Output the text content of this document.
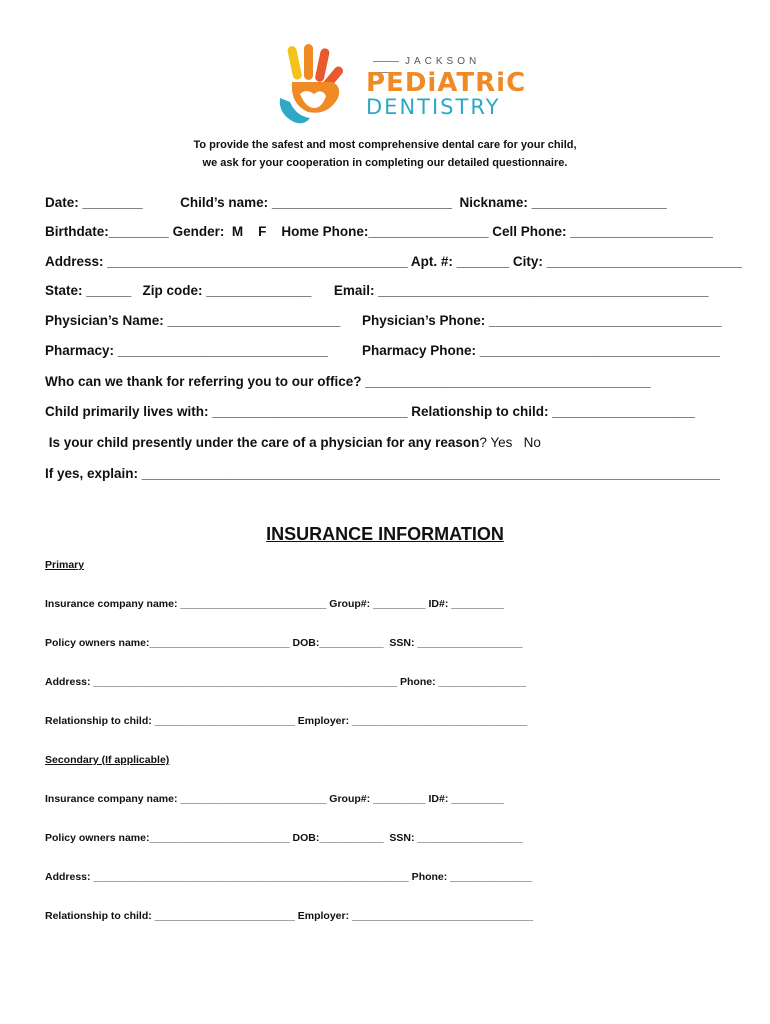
JACKSON
PEDiATRiC
DENTISTRY
To provide the safest and most comprehensive dental care for your child,
we ask for your cooperation in completing our detailed questionnaire.
Date: ________          Child’s name: ________________________  Nickname: __________________
Birthdate:________ Gender:  M    F    Home Phone:________________ Cell Phone: ___________________
Address: ________________________________________ Apt. #: _______ City: __________________________
State: ______   Zip code: ______________      Email: ____________________________________________
Physician’s Name: _______________________ Physician’s Phone: _______________________________
Pharmacy: ____________________________	Pharmacy Phone: ________________________________
Who can we thank for referring you to our office? ______________________________________
Child primarily lives with: __________________________ Relationship to child: ___________________
Is your child presently under the care of a physician for any reason? Yes   No
If yes, explain: _____________________________________________________________________________
INSURANCE INFORMATION
Primary
Insurance company name: _________________________ Group#: _________ ID#: _________
Policy owners name:________________________ DOB:___________  SSN: __________________
Address: ____________________________________________________ Phone: _______________
Relationship to child: ________________________ Employer: ______________________________
Secondary (If applicable)
Insurance company name: _________________________ Group#: _________ ID#: _________
Policy owners name:________________________ DOB:___________  SSN: __________________
Address: ______________________________________________________ Phone: ______________
Relationship to child: ________________________ Employer: _______________________________
